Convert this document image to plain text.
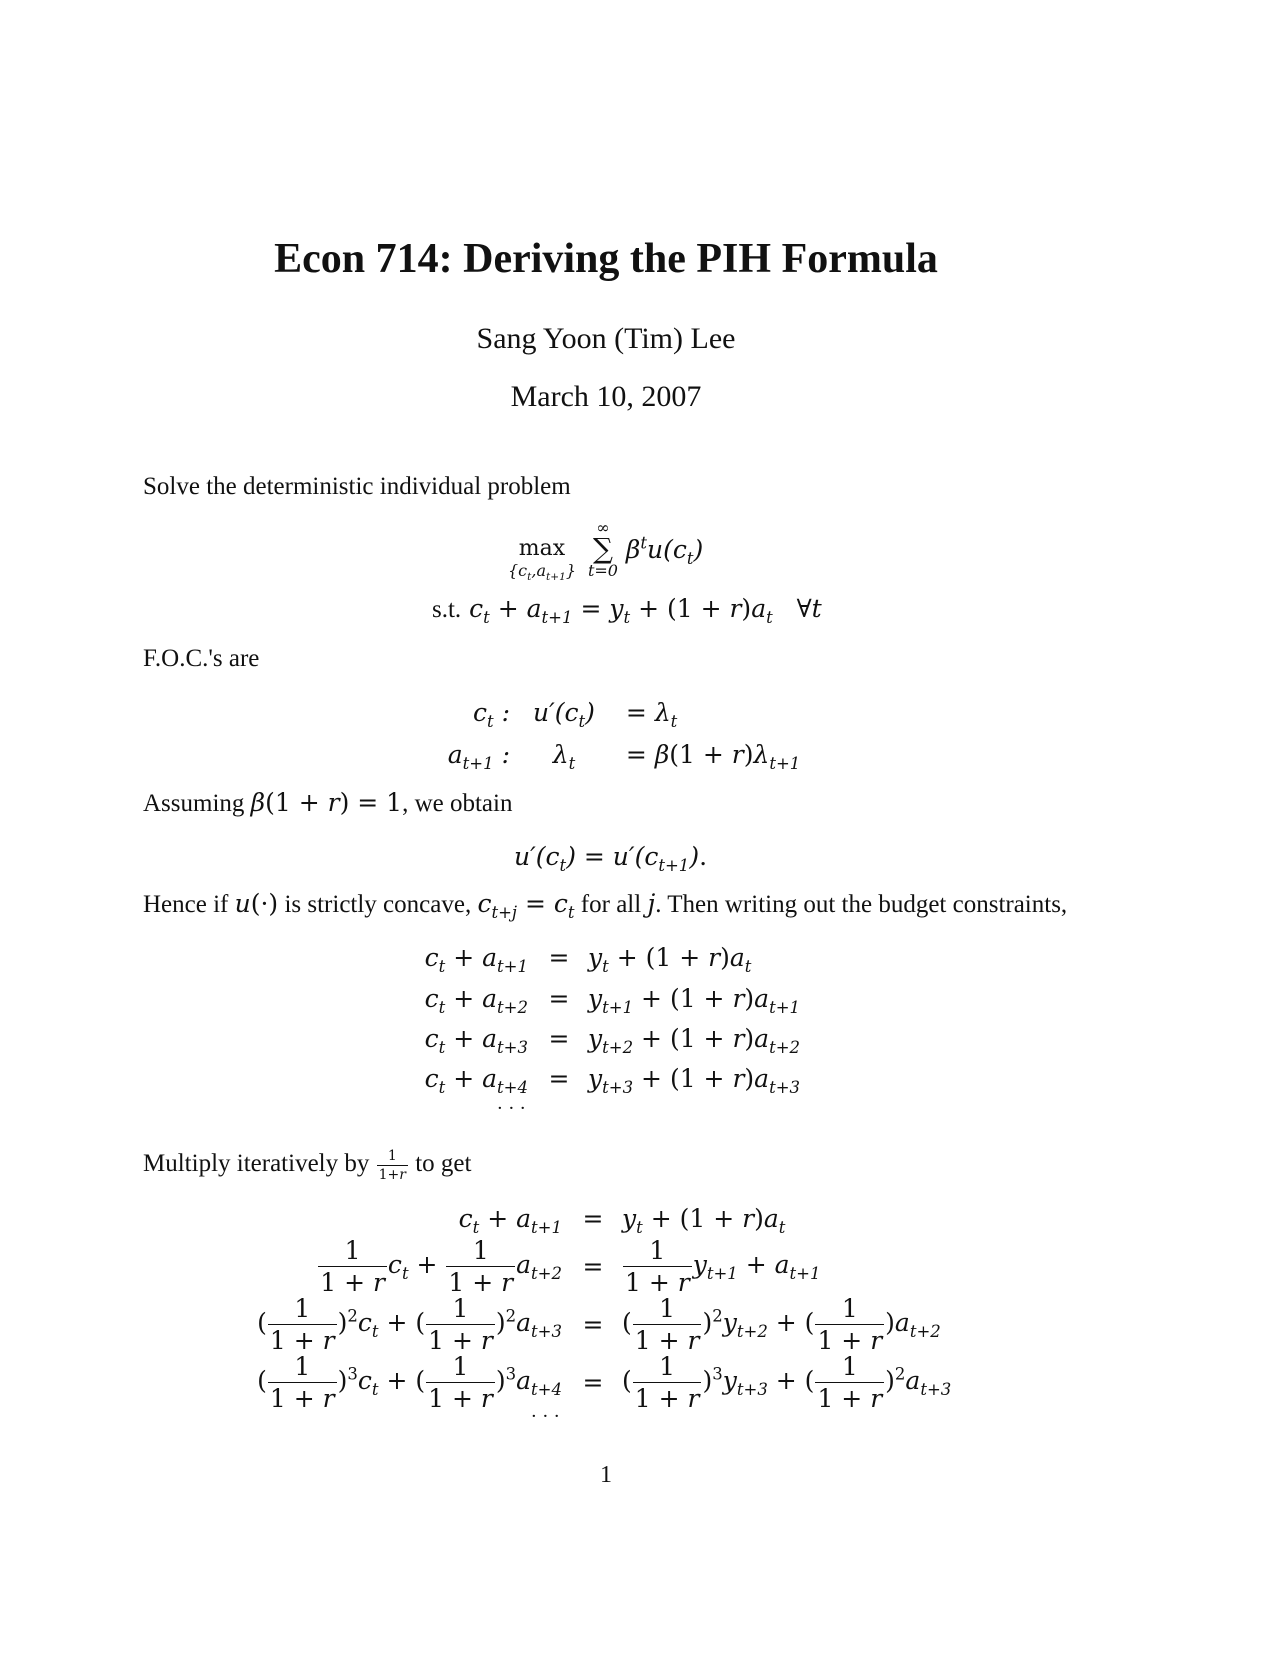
Econ 714: Deriving the PIH Formula
Sang Yoon (Tim) Lee
March 10, 2007
Solve the deterministic individual problem
max
$\{c_t,a_{t+1}\}$

∞
∑
t=0
$\beta^tu(c_t)$
s.t. $c_t + a_{t+1} = y_t + (1 + r)a_t$   ∀t
F.O.C.'s are
$c_t$ : $u'(c_t) = \lambda_t$
$a_{t+1}$ : $\lambda_t = \beta(1 + r)\lambda_{t+1}$
Assuming β(1 + r) = 1, we obtain
$u'(c_t) = u'(c_{t+1})$.
Hence if u(·) is strictly concave, $c_{t+j} = c_t$ for all j. Then writing out the budget constraints,
$c_t + a_{t+1} = y_t + (1 + r)a_t$
$c_t + a_{t+2} = y_{t+1} + (1 + r)a_{t+1}$
$c_t + a_{t+3} = y_{t+2} + (1 + r)a_{t+2}$
$c_t + a_{t+4} = y_{t+3} + (1 + r)a_{t+3}$
· · ·
Multiply iteratively by $\frac{1}{1+r}$ to get
$c_t + a_{t+1} = y_t + (1 + r)a_t$
$\frac{1}{1 + r} c_t + \frac{1}{1 + r} a_{t+2} = \frac{1}{1 + r} y_{t+1} + a_{t+1}$
( $\frac{1}{1 + r} )^2c_t$ + ( $\frac{1}{1 + r} )^2a_{t+3}$ = ( $\frac{1}{1 + r} )^2y_{t+2}$ + ( $\frac{1}{1 + r} )a_{t+2}$
( $\frac{1}{1 + r} )^3c_t$ + ( $\frac{1}{1 + r} )^3a_{t+4}$ = ( $\frac{1}{1 + r} )^3y_{t+3}$ + ( $\frac{1}{1 + r} )^2a_{t+3}$
· · ·
1
